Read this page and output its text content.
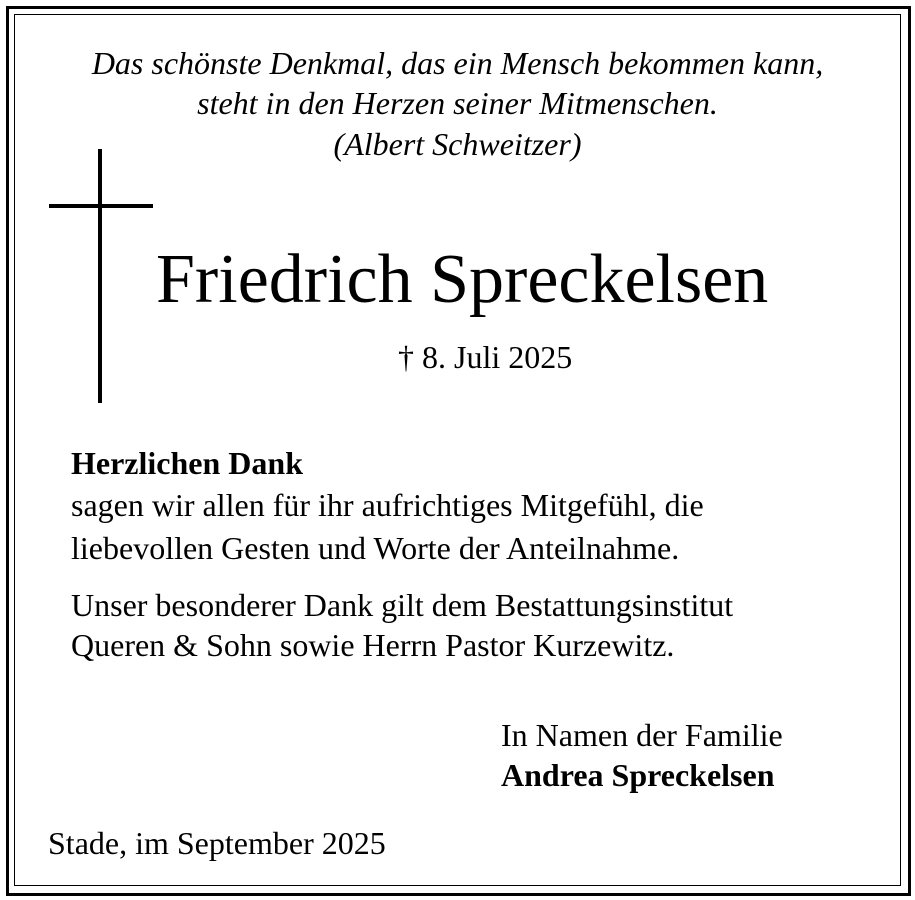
Das schönste Denkmal, das ein Mensch bekommen kann,
steht in den Herzen seiner Mitmenschen.
(Albert Schweitzer)
Friedrich Spreckelsen
† 8. Juli 2025
Herzlichen Dank
sagen wir allen für ihr aufrichtiges Mitgefühl, die
liebevollen Gesten und Worte der Anteilnahme.
Unser besonderer Dank gilt dem Bestattungsinstitut
Queren & Sohn sowie Herrn Pastor Kurzewitz.
In Namen der Familie
Andrea Spreckelsen
Stade, im September 2025
